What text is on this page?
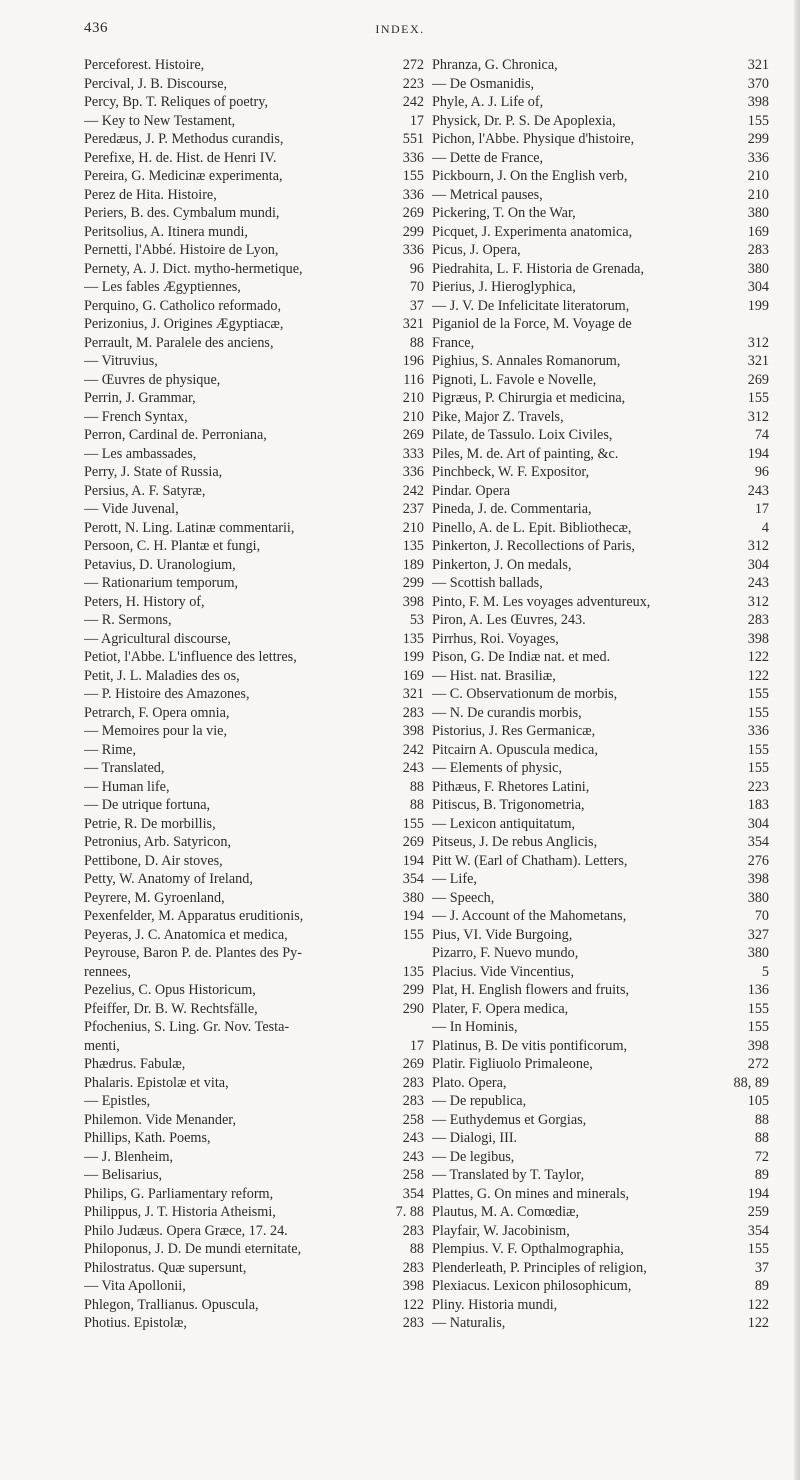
436	INDEX.
Perceforest. Histoire,	272
Percival, J. B. Discourse,	223
Percy, Bp. T. Reliques of poetry,	242
— Key to New Testament,	17
Peredæus, J. P. Methodus curandis,	551
Perefixe, H. de. Hist. de Henri IV.	336
Pereira, G. Medicinæ experimenta,	155
Perez de Hita. Histoire,	336
Periers, B. des. Cymbalum mundi,	269
Peritsolius, A. Itinera mundi,	299
Pernetti, l'Abbé. Histoire de Lyon,	336
Pernety, A. J. Dict. mytho-hermetique,	96
— Les fables Ægyptiennes,	70
Perquino, G. Catholico reformado,	37
Perizonius, J. Origines Ægyptiacæ,	321
Perrault, M. Paralele des anciens,	88
— Vitruvius,	196
— Œuvres de physique,	116
Perrin, J. Grammar,	210
— French Syntax,	210
Perron, Cardinal de. Perroniana,	269
— Les ambassades,	333
Perry, J. State of Russia,	336
Persius, A. F. Satyræ,	242
— Vide Juvenal,	237
Perott, N. Ling. Latinæ commentarii,	210
Persoon, C. H. Plantæ et fungi,	135
Petavius, D. Uranologium,	189
— Rationarium temporum,	299
Peters, H. History of,	398
— R. Sermons,	53
— Agricultural discourse,	135
Petiot, l'Abbe. L'influence des lettres,	199
Petit, J. L. Maladies des os,	169
— P. Histoire des Amazones,	321
Petrarch, F. Opera omnia,	283
— Memoires pour la vie,	398
— Rime,	242
— Translated,	243
— Human life,	88
— De utrique fortuna,	88
Petrie, R. De morbillis,	155
Petronius, Arb. Satyricon,	269
Pettibone, D. Air stoves,	194
Petty, W. Anatomy of Ireland,	354
Peyrere, M. Gyroenland,	380
Pexenfelder, M. Apparatus eruditionis,	194
Peyeras, J. C. Anatomica et medica,	155
Peyrouse, Baron P. de. Plantes des Py-
rennees,	135
Pezelius, C. Opus Historicum,	299
Pfeiffer, Dr. B. W. Rechtsfälle,	290
Pfochenius, S. Ling. Gr. Nov. Testa-
menti,	17
Phædrus. Fabulæ,	269
Phalaris. Epistolæ et vita,	283
— Epistles,	283
Philemon. Vide Menander,	258
Phillips, Kath. Poems,	243
— J. Blenheim,	243
— Belisarius,	258
Philips, G. Parliamentary reform,	354
Philippus, J. T. Historia Atheismi,	7. 88
Philo Judæus. Opera Græce, 17. 24.	283
Philoponus, J. D. De mundi eternitate,	88
Philostratus. Quæ supersunt,	283
— Vita Apollonii,	398
Phlegon, Trallianus. Opuscula,	122
Photius. Epistolæ,	283
Phranza, G. Chronica,	321
— De Osmanidis,	370
Phyle, A. J. Life of,	398
Physick, Dr. P. S. De Apoplexia,	155
Pichon, l'Abbe. Physique d'histoire,	299
— Dette de France,	336
Pickbourn, J. On the English verb,	210
— Metrical pauses,	210
Pickering, T. On the War,	380
Picquet, J. Experimenta anatomica,	169
Picus, J. Opera,	283
Piedrahita, L. F. Historia de Grenada,	380
Pierius, J. Hieroglyphica,	304
— J. V. De Infelicitate literatorum,	199
Piganiol de la Force, M. Voyage de
France,	312
Pighius, S. Annales Romanorum,	321
Pignoti, L. Favole e Novelle,	269
Pigræus, P. Chirurgia et medicina,	155
Pike, Major Z. Travels,	312
Pilate, de Tassulo. Loix Civiles,	74
Piles, M. de. Art of painting, &c.	194
Pinchbeck, W. F. Expositor,	96
Pindar. Opera	243
Pineda, J. de. Commentaria,	17
Pinello, A. de L. Epit. Bibliothecæ,	4
Pinkerton, J. Recollections of Paris,	312
Pinkerton, J. On medals,	304
— Scottish ballads,	243
Pinto, F. M. Les voyages adventureux,	312
Piron, A. Les Œuvres, 243.	283
Pirrhus, Roi. Voyages,	398
Pison, G. De Indiæ nat. et med.	122
— Hist. nat. Brasiliæ,	122
— C. Observationum de morbis,	155
— N. De curandis morbis,	155
Pistorius, J. Res Germanicæ,	336
Pitcairn A. Opuscula medica,	155
— Elements of physic,	155
Pithæus, F. Rhetores Latini,	223
Pitiscus, B. Trigonometria,	183
— Lexicon antiquitatum,	304
Pitseus, J. De rebus Anglicis,	354
Pitt W. (Earl of Chatham). Letters,	276
— Life,	398
— Speech,	380
— J. Account of the Mahometans,	70
Pius, VI. Vide Burgoing,	327
Pizarro, F. Nuevo mundo,	380
Placius. Vide Vincentius,	5
Plat, H. English flowers and fruits,	136
Plater, F. Opera medica,	155
— In Hominis,	155
Platinus, B. De vitis pontificorum,	398
Platir. Figliuolo Primaleone,	272
Plato. Opera,	88, 89
— De republica,	105
— Euthydemus et Gorgias,	88
— Dialogi, III.	88
— De legibus,	72
— Translated by T. Taylor,	89
Plattes, G. On mines and minerals,	194
Plautus, M. A. Comœdiæ,	259
Playfair, W. Jacobinism,	354
Plempius. V. F. Opthalmographia,	155
Plenderleath, P. Principles of religion,	37
Plexiacus. Lexicon philosophicum,	89
Pliny. Historia mundi,	122
— Naturalis,	122
